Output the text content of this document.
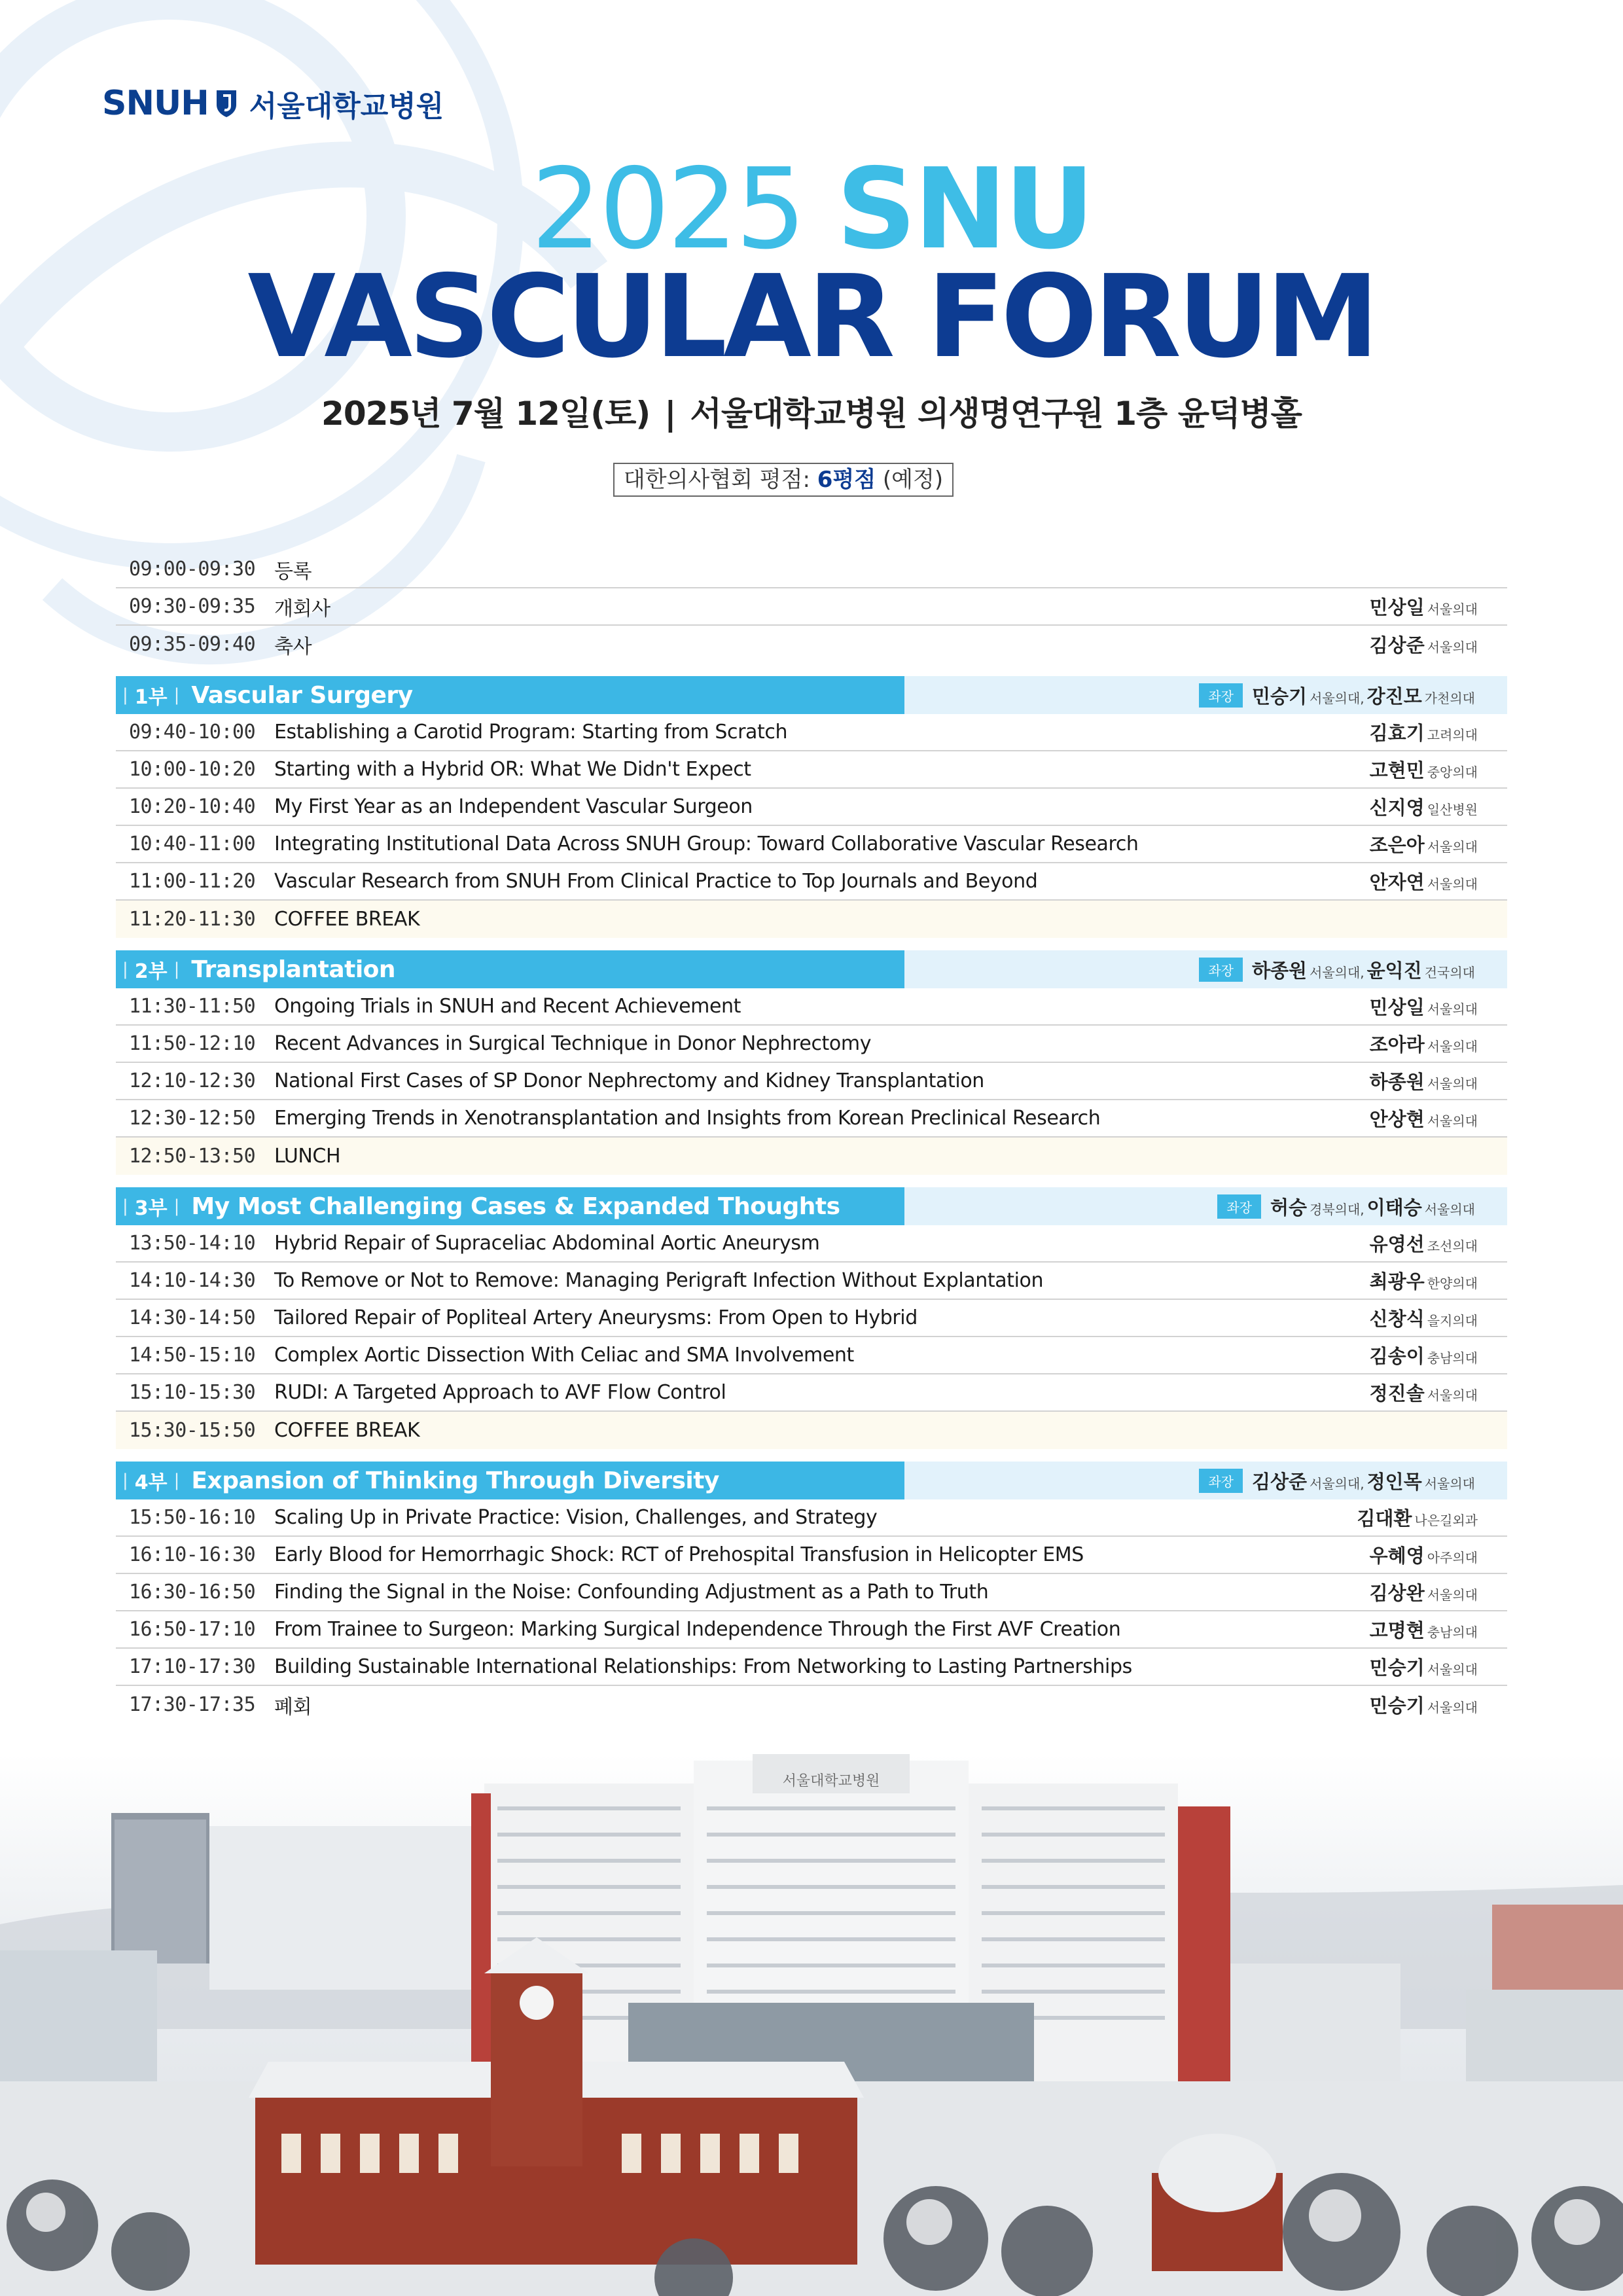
SNUH 서울대학교병원
2025 SNU
VASCULAR FORUM
2025년 7월 12일(토) | 서울대학교병원 의생명연구원 1층 윤덕병홀
대한의사협회 평점: 6평점 (예정)
09:00-09:30 등록
09:30-09:35 개회사	민상일 서울의대
09:35-09:40 축사	김상준 서울의대
| 1부 | Vascular Surgery	좌장 민승기 서울의대, 강진모 가천의대
09:40-10:00 Establishing a Carotid Program: Starting from Scratch	김효기 고려의대
10:00-10:20 Starting with a Hybrid OR: What We Didn't Expect	고현민 중앙의대
10:20-10:40 My First Year as an Independent Vascular Surgeon	신지영 일산병원
10:40-11:00 Integrating Institutional Data Across SNUH Group: Toward Collaborative Vascular Research	조은아 서울의대
11:00-11:20 Vascular Research from SNUH From Clinical Practice to Top Journals and Beyond	안자연 서울의대
11:20-11:30 COFFEE BREAK
| 2부 | Transplantation	좌장 하종원 서울의대, 윤익진 건국의대
11:30-11:50 Ongoing Trials in SNUH and Recent Achievement	민상일 서울의대
11:50-12:10 Recent Advances in Surgical Technique in Donor Nephrectomy	조아라 서울의대
12:10-12:30 National First Cases of SP Donor Nephrectomy and Kidney Transplantation	하종원 서울의대
12:30-12:50 Emerging Trends in Xenotransplantation and Insights from Korean Preclinical Research	안상현 서울의대
12:50-13:50 LUNCH
| 3부 | My Most Challenging Cases & Expanded Thoughts	좌장 허승 경북의대, 이태승 서울의대
13:50-14:10 Hybrid Repair of Supraceliac Abdominal Aortic Aneurysm	유영선 조선의대
14:10-14:30 To Remove or Not to Remove: Managing Perigraft Infection Without Explantation	최광우 한양의대
14:30-14:50 Tailored Repair of Popliteal Artery Aneurysms: From Open to Hybrid	신창식 을지의대
14:50-15:10 Complex Aortic Dissection With Celiac and SMA Involvement	김송이 충남의대
15:10-15:30 RUDI: A Targeted Approach to AVF Flow Control	정진솔 서울의대
15:30-15:50 COFFEE BREAK
| 4부 | Expansion of Thinking Through Diversity	좌장 김상준 서울의대, 정인목 서울의대
15:50-16:10 Scaling Up in Private Practice: Vision, Challenges, and Strategy	김대환 나은길외과
16:10-16:30 Early Blood for Hemorrhagic Shock: RCT of Prehospital Transfusion in Helicopter EMS	우혜영 아주의대
16:30-16:50 Finding the Signal in the Noise: Confounding Adjustment as a Path to Truth	김상완 서울의대
16:50-17:10 From Trainee to Surgeon: Marking Surgical Independence Through the First AVF Creation	고명현 충남의대
17:10-17:30 Building Sustainable International Relationships: From Networking to Lasting Partnerships	민승기 서울의대
17:30-17:35 폐회	민승기 서울의대
서울대학교병원
